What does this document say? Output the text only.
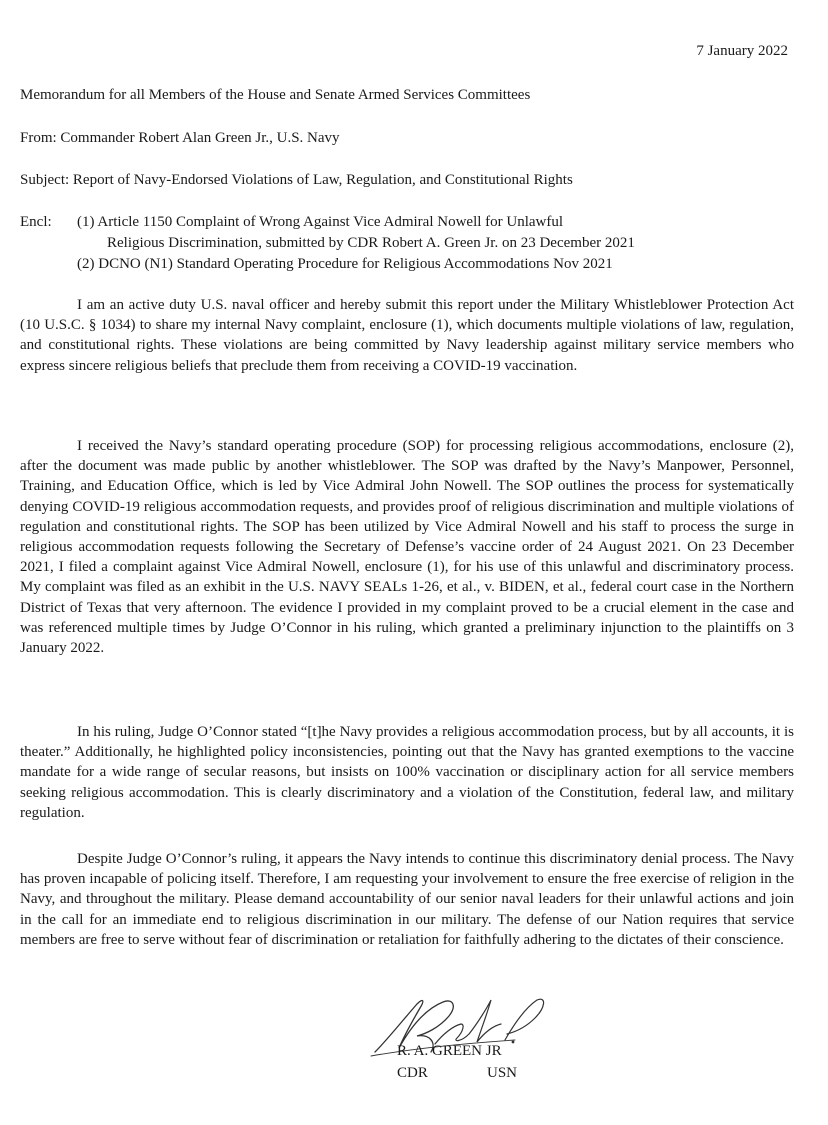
7 January 2022
Memorandum for all Members of the House and Senate Armed Services Committees
From: Commander Robert Alan Green Jr., U.S. Navy
Subject: Report of Navy-Endorsed Violations of Law, Regulation, and Constitutional Rights
Encl: (1) Article 1150 Complaint of Wrong Against Vice Admiral Nowell for Unlawful
Religious Discrimination, submitted by CDR Robert A. Green Jr. on 23 December 2021
(2) DCNO (N1) Standard Operating Procedure for Religious Accommodations Nov 2021

I am an active duty U.S. naval officer and hereby submit this report under the Military Whistleblower Protection Act (10 U.S.C. § 1034) to share my internal Navy complaint, enclosure (1), which documents multiple violations of law, regulation, and constitutional rights. These violations are being committed by Navy leadership against military service members who express sincere religious beliefs that preclude them from receiving a COVID-19 vaccination.

I received the Navy’s standard operating procedure (SOP) for processing religious accommodations, enclosure (2), after the document was made public by another whistleblower. The SOP was drafted by the Navy’s Manpower, Personnel, Training, and Education Office, which is led by Vice Admiral John Nowell. The SOP outlines the process for systematically denying COVID-19 religious accommodation requests, and provides proof of religious discrimination and multiple violations of regulation and constitutional rights. The SOP has been utilized by Vice Admiral Nowell and his staff to process the surge in religious accommodation requests following the Secretary of Defense’s vaccine order of 24 August 2021. On 23 December 2021, I filed a complaint against Vice Admiral Nowell, enclosure (1), for his use of this unlawful and discriminatory process. My complaint was filed as an exhibit in the U.S. NAVY SEALs 1-26, et al., v. BIDEN, et al., federal court case in the Northern District of Texas that very afternoon. The evidence I provided in my complaint proved to be a crucial element in the case and was referenced multiple times by Judge O’Connor in his ruling, which granted a preliminary injunction to the plaintiffs on 3 January 2022.

In his ruling, Judge O’Connor stated “[t]he Navy provides a religious accommodation process, but by all accounts, it is theater.” Additionally, he highlighted policy inconsistencies, pointing out that the Navy has granted exemptions to the vaccine mandate for a wide range of secular reasons, but insists on 100% vaccination or disciplinary action for all service members seeking religious accommodation. This is clearly discriminatory and a violation of the Constitution, federal law, and military regulation.

Despite Judge O’Connor’s ruling, it appears the Navy intends to continue this discriminatory denial process. The Navy has proven incapable of policing itself. Therefore, I am requesting your involvement to ensure the free exercise of religion in the Navy, and throughout the military. Please demand accountability of our senior naval leaders for their unlawful actions and join in the call for an immediate end to religious discrimination in our military. The defense of our Nation requires that service members are free to serve without fear of discrimination or retaliation for faithfully adhering to the dictates of their conscience.

R. A. GREEN JR
CDR	USN
